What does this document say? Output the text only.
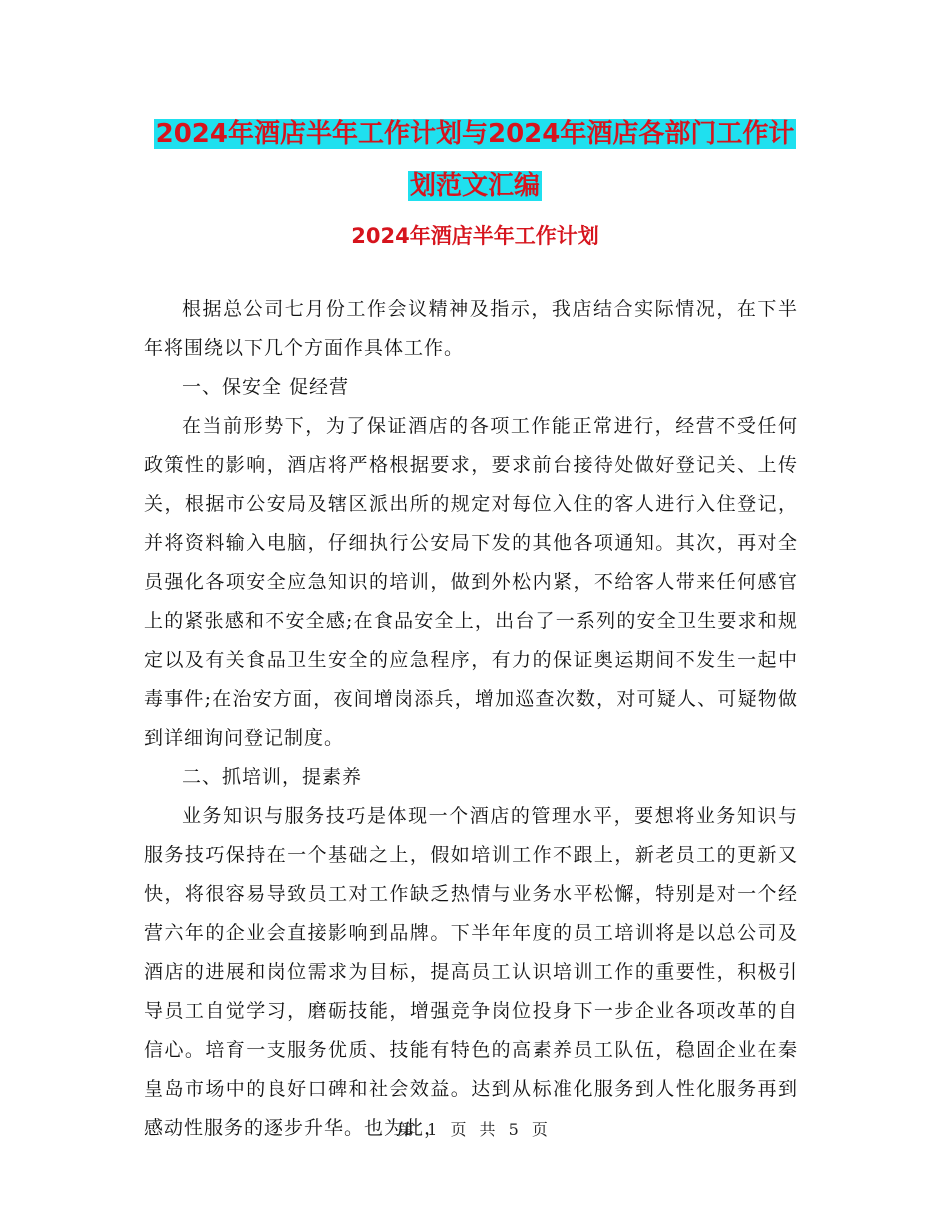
2024年酒店半年工作计划与2024年酒店各部门工作计
划范文汇编
2024年酒店半年工作计划

根据总公司七月份工作会议精神及指示，我店结合实际情况，在下半年将围绕以下几个方面作具体工作。

一、保安全 促经营

在当前形势下，为了保证酒店的各项工作能正常进行，经营不受任何政策性的影响，酒店将严格根据要求，要求前台接待处做好登记关、上传关，根据市公安局及辖区派出所的规定对每位入住的客人进行入住登记，并将资料输入电脑，仔细执行公安局下发的其他各项通知。其次，再对全员强化各项安全应急知识的培训，做到外松内紧，不给客人带来任何感官上的紧张感和不安全感;在食品安全上，出台了一系列的安全卫生要求和规定以及有关食品卫生安全的应急程序，有力的保证奥运期间不发生一起中毒事件;在治安方面，夜间增岗添兵，增加巡查次数，对可疑人、可疑物做到详细询问登记制度。

二、抓培训，提素养

业务知识与服务技巧是体现一个酒店的管理水平，要想将业务知识与服务技巧保持在一个基础之上，假如培训工作不跟上，新老员工的更新又快，将很容易导致员工对工作缺乏热情与业务水平松懈，特别是对一个经营六年的企业会直接影响到品牌。下半年年度的员工培训将是以总公司及酒店的进展和岗位需求为目标，提高员工认识培训工作的重要性，积极引导员工自觉学习，磨砺技能，增强竞争岗位投身下一步企业各项改革的自信心。培育一支服务优质、技能有特色的高素养员工队伍，稳固企业在秦皇岛市场中的良好口碑和社会效益。达到从标准化服务到人性化服务再到感动性服务的逐步升华。也为此，

第 1 页 共 5 页
